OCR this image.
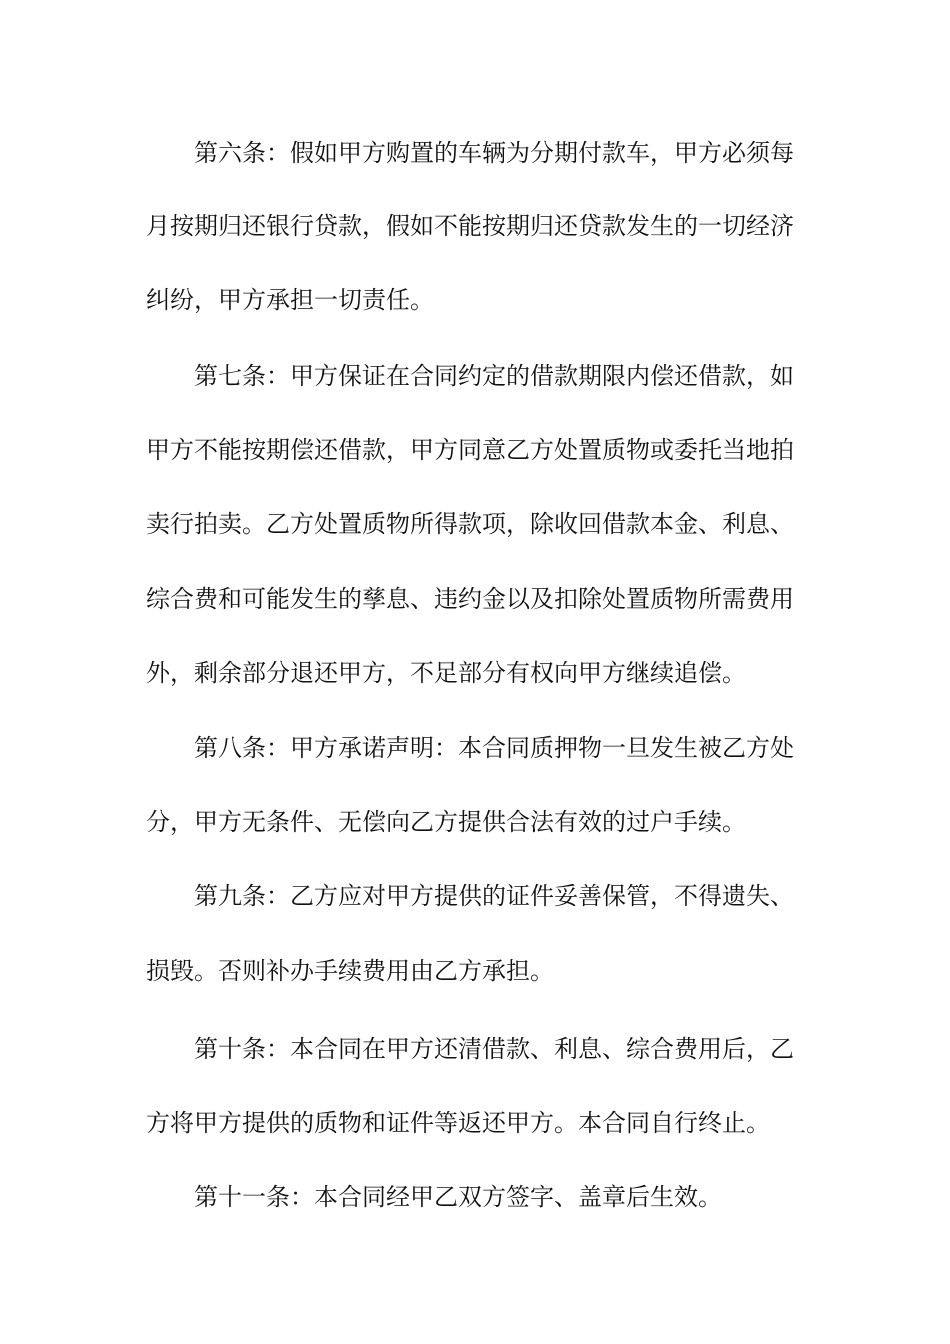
第六条：假如甲方购置的车辆为分期付款车，甲方必须每
月按期归还银行贷款，假如不能按期归还贷款发生的一切经济
纠纷，甲方承担一切责任。
第七条：甲方保证在合同约定的借款期限内偿还借款，如
甲方不能按期偿还借款，甲方同意乙方处置质物或委托当地拍
卖行拍卖。乙方处置质物所得款项，除收回借款本金、利息、
综合费和可能发生的孳息、违约金以及扣除处置质物所需费用
外，剩余部分退还甲方，不足部分有权向甲方继续追偿。
第八条：甲方承诺声明：本合同质押物一旦发生被乙方处
分，甲方无条件、无偿向乙方提供合法有效的过户手续。
第九条：乙方应对甲方提供的证件妥善保管，不得遗失、
损毁。否则补办手续费用由乙方承担。
第十条：本合同在甲方还清借款、利息、综合费用后，乙
方将甲方提供的质物和证件等返还甲方。本合同自行终止。
第十一条：本合同经甲乙双方签字、盖章后生效。
